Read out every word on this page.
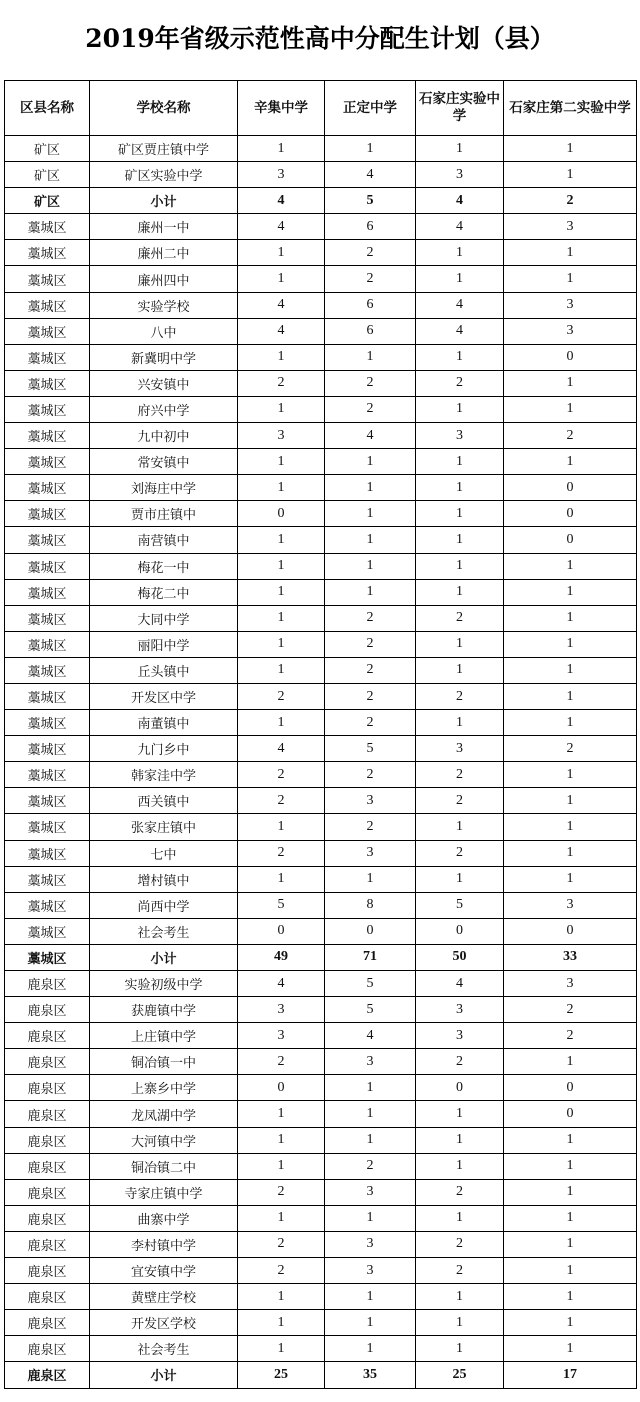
2019年省级示范性高中分配生计划（县）
区县名称	学校名称	辛集中学	正定中学	石家庄实验中学	石家庄第二实验中学
矿区	矿区贾庄镇中学	1	1	1	1
矿区	矿区实验中学	3	4	3	1
矿区	小计	4	5	4	2
藁城区	廉州一中	4	6	4	3
藁城区	廉州二中	1	2	1	1
藁城区	廉州四中	1	2	1	1
藁城区	实验学校	4	6	4	3
藁城区	八中	4	6	4	3
藁城区	新冀明中学	1	1	1	0
藁城区	兴安镇中	2	2	2	1
藁城区	府兴中学	1	2	1	1
藁城区	九中初中	3	4	3	2
藁城区	常安镇中	1	1	1	1
藁城区	刘海庄中学	1	1	1	0
藁城区	贾市庄镇中	0	1	1	0
藁城区	南营镇中	1	1	1	0
藁城区	梅花一中	1	1	1	1
藁城区	梅花二中	1	1	1	1
藁城区	大同中学	1	2	2	1
藁城区	丽阳中学	1	2	1	1
藁城区	丘头镇中	1	2	1	1
藁城区	开发区中学	2	2	2	1
藁城区	南董镇中	1	2	1	1
藁城区	九门乡中	4	5	3	2
藁城区	韩家洼中学	2	2	2	1
藁城区	西关镇中	2	3	2	1
藁城区	张家庄镇中	1	2	1	1
藁城区	七中	2	3	2	1
藁城区	增村镇中	1	1	1	1
藁城区	尚西中学	5	8	5	3
藁城区	社会考生	0	0	0	0
藁城区	小计	49	71	50	33
鹿泉区	实验初级中学	4	5	4	3
鹿泉区	获鹿镇中学	3	5	3	2
鹿泉区	上庄镇中学	3	4	3	2
鹿泉区	铜冶镇一中	2	3	2	1
鹿泉区	上寨乡中学	0	1	0	0
鹿泉区	龙凤湖中学	1	1	1	0
鹿泉区	大河镇中学	1	1	1	1
鹿泉区	铜冶镇二中	1	2	1	1
鹿泉区	寺家庄镇中学	2	3	2	1
鹿泉区	曲寨中学	1	1	1	1
鹿泉区	李村镇中学	2	3	2	1
鹿泉区	宜安镇中学	2	3	2	1
鹿泉区	黄壁庄学校	1	1	1	1
鹿泉区	开发区学校	1	1	1	1
鹿泉区	社会考生	1	1	1	1
鹿泉区	小计	25	35	25	17
